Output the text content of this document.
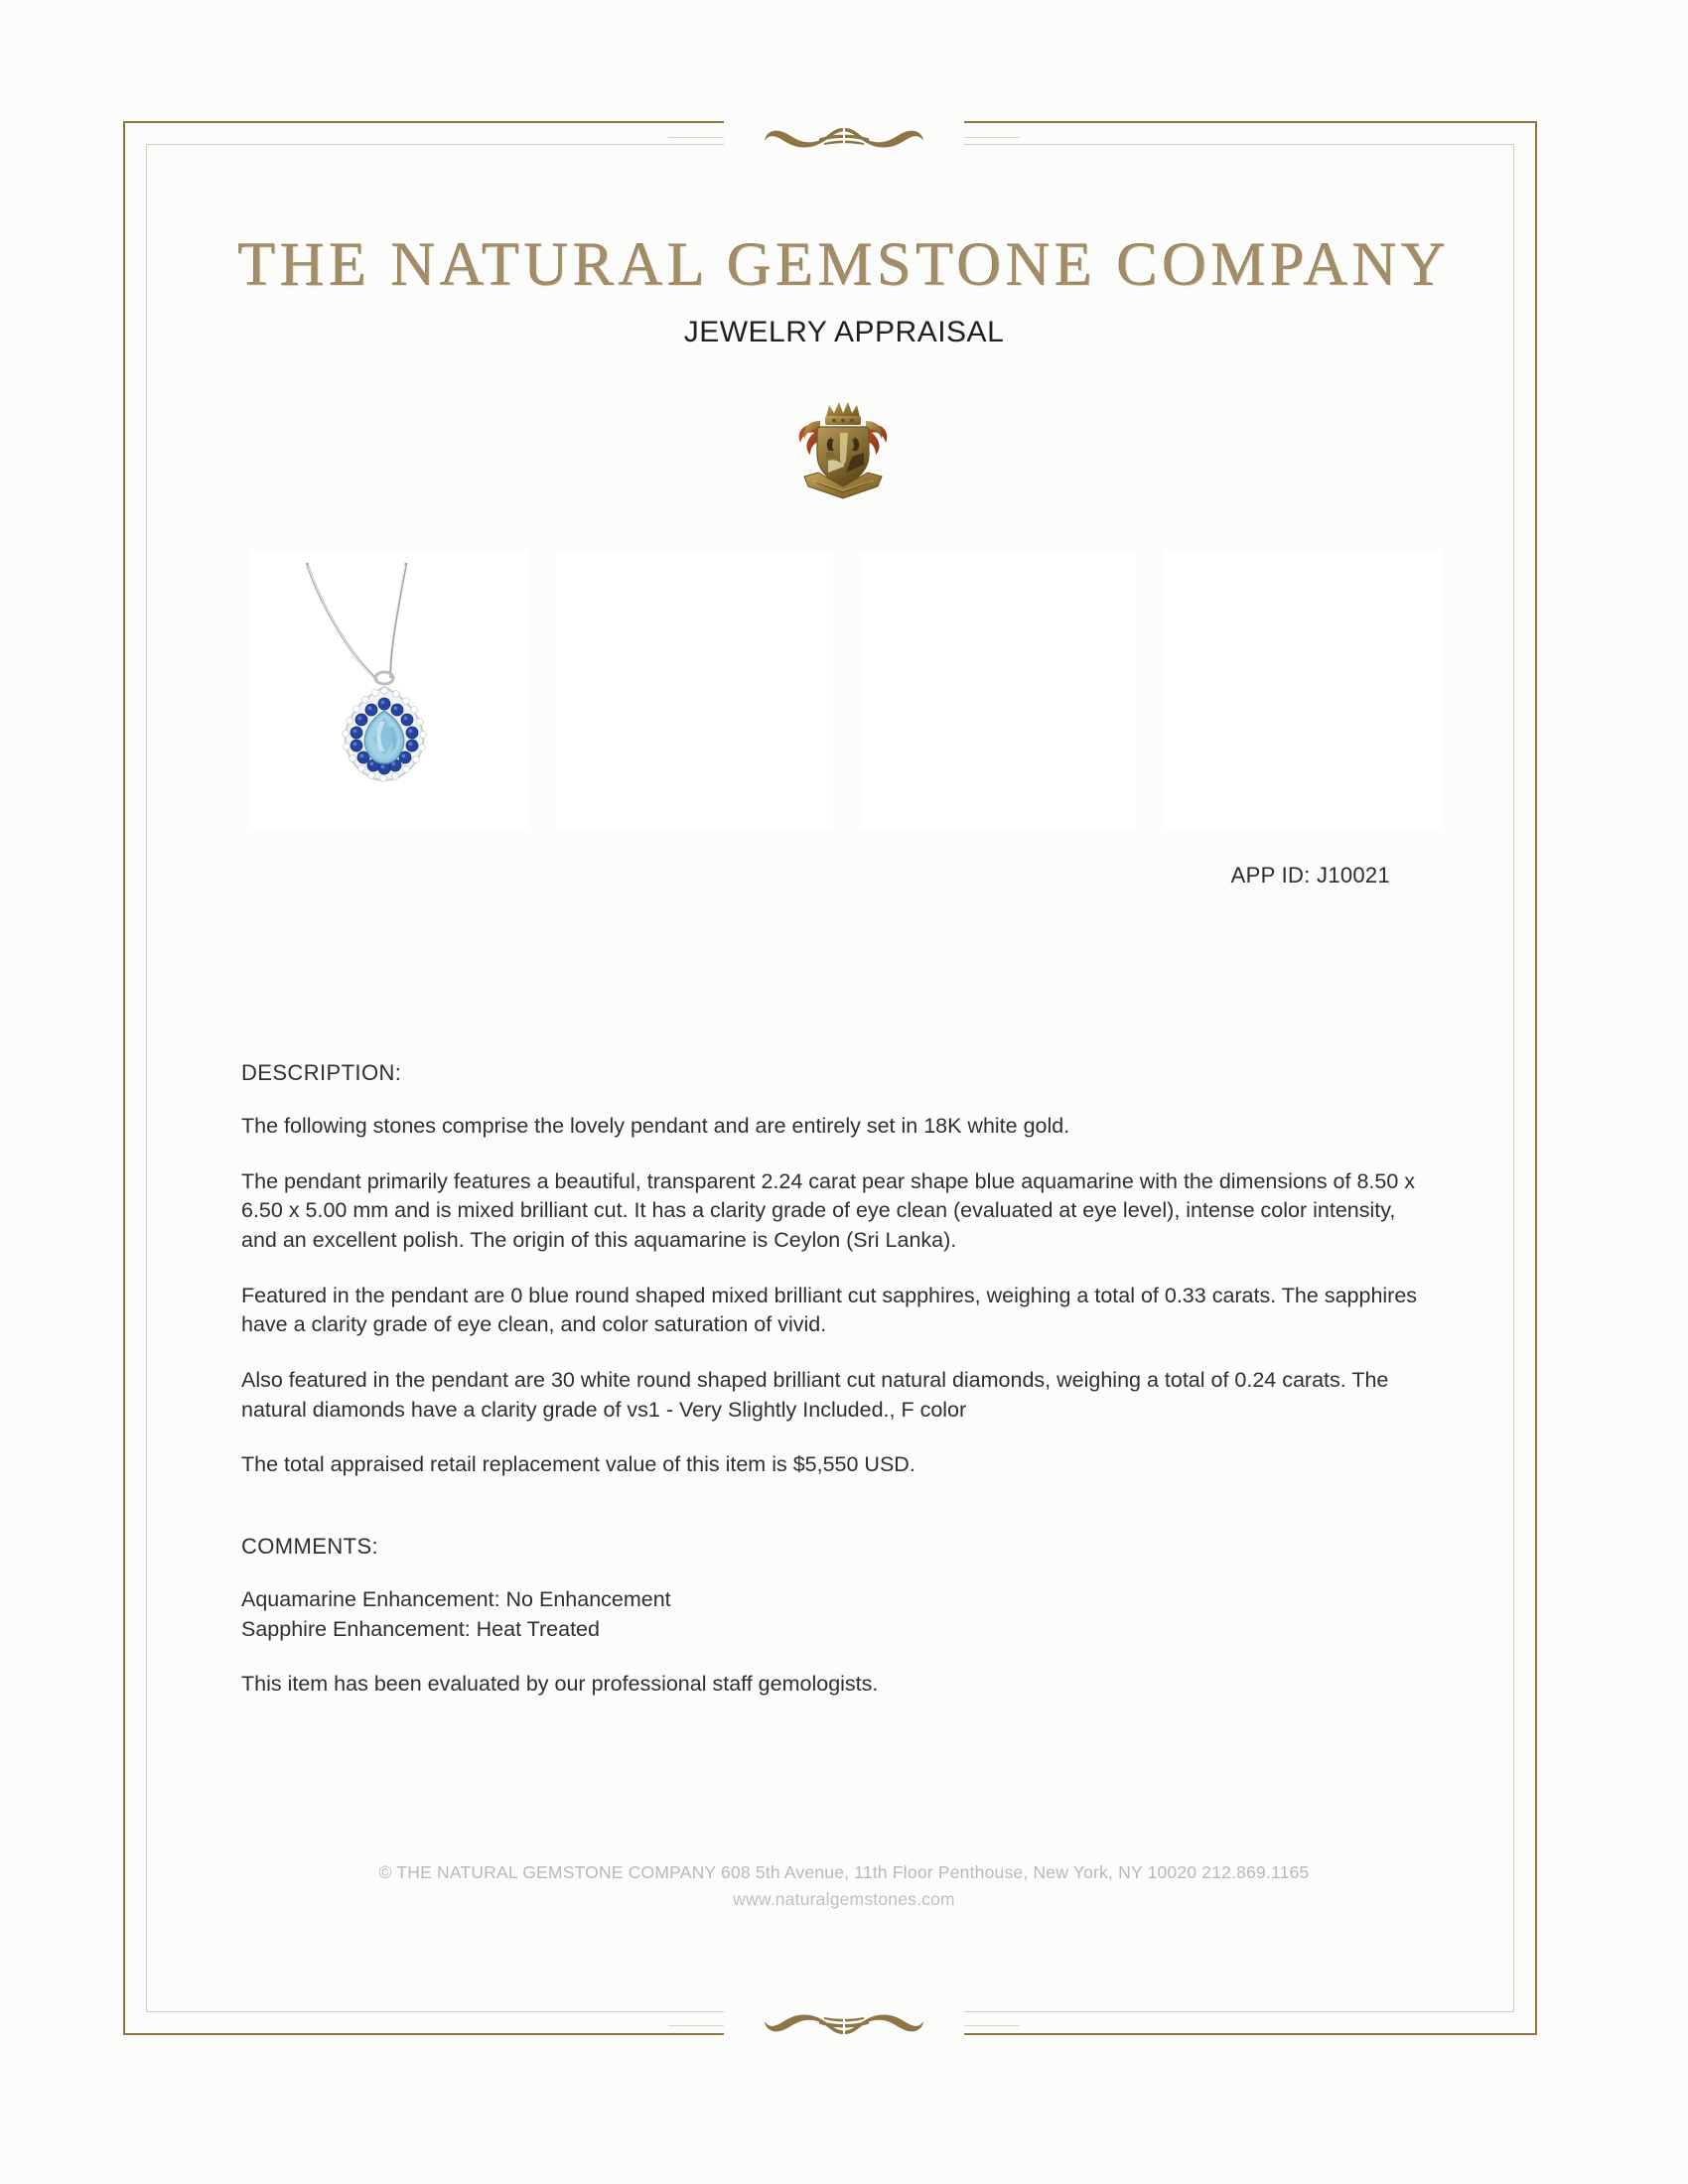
THE NATURAL GEMSTONE COMPANY
JEWELRY APPRAISAL
APP ID: J10021
DESCRIPTION:

The following stones comprise the lovely pendant and are entirely set in 18K white gold.

The pendant primarily features a beautiful, transparent 2.24 carat pear shape blue aquamarine with the dimensions of 8.50 x 6.50 x 5.00 mm and is mixed brilliant cut. It has a clarity grade of eye clean (evaluated at eye level), intense color intensity, and an excellent polish. The origin of this aquamarine is Ceylon (Sri Lanka).

Featured in the pendant are 0 blue round shaped mixed brilliant cut sapphires, weighing a total of 0.33 carats. The sapphires have a clarity grade of eye clean, and color saturation of vivid.

Also featured in the pendant are 30 white round shaped brilliant cut natural diamonds, weighing a total of 0.24 carats. The natural diamonds have a clarity grade of vs1 - Very Slightly Included., F color

The total appraised retail replacement value of this item is $5,550 USD.

COMMENTS:

Aquamarine Enhancement: No Enhancement

Sapphire Enhancement: Heat Treated

This item has been evaluated by our professional staff gemologists.

© THE NATURAL GEMSTONE COMPANY 608 5th Avenue, 11th Floor Penthouse, New York, NY 10020 212.869.1165
www.naturalgemstones.com
